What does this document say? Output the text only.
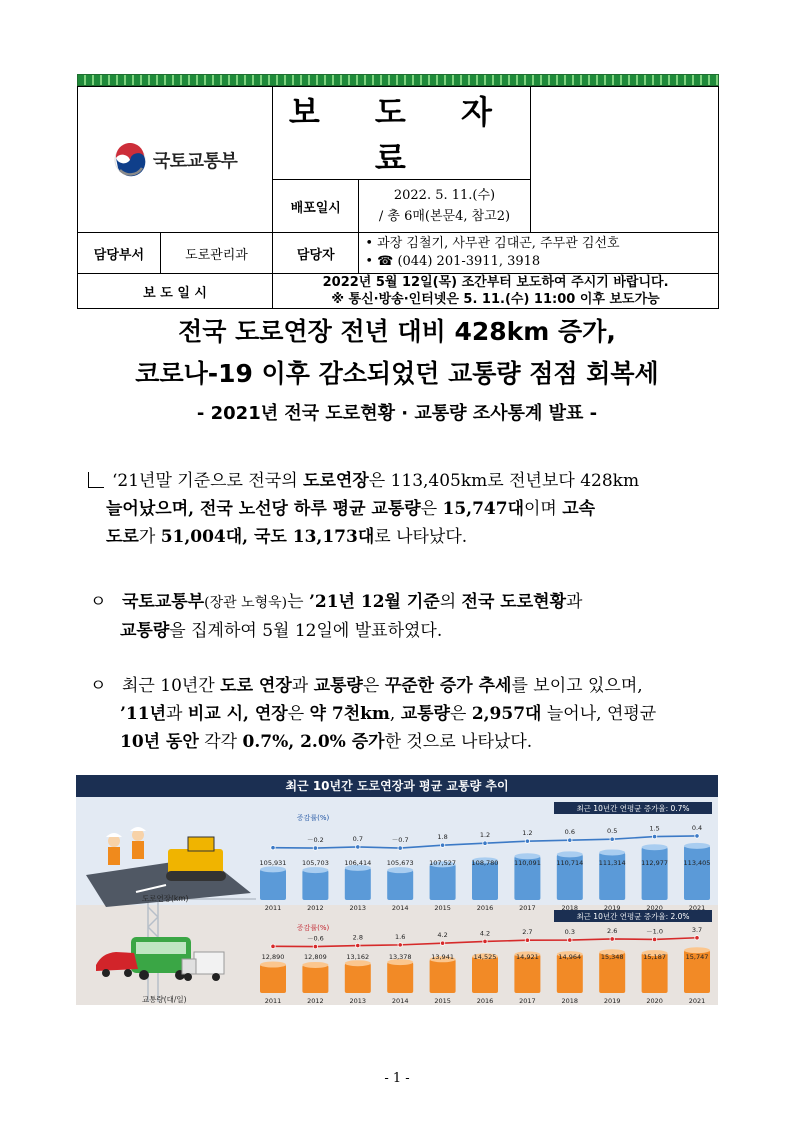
국토교통부		보 도 자 료		
		배포일시	2022. 5. 11.(수)
/ 총 6매(본문4, 참고2)	

담당부서	도로관리과	담당자	• 과장 김철기, 사무관 김대곤, 주무관 김선호
• ☎ (044) 201-3911, 3918	

보 도 일 시		2022년 5월 12일(목) 조간부터 보도하여 주시기 바랍니다.
※ 통신·방송·인터넷은 5. 11.(수) 11:00 이후 보도가능		
전국 도로연장 전년 대비 428km 증가,
코로나-19 이후 감소되었던 교통량 점점 회복세
- 2021년 전국 도로현황 · 교통량 조사통계 발표 -
‘21년말 기준으로 전국의 도로연장은 113,405km로 전년보다 428km
늘어났으며, 전국 노선당 하루 평균 교통량은 15,747대이며 고속
도로가 51,004대, 국도 13,173대로 나타났다.
ㅇ 국토교통부(장관 노형욱)는 ’21년 12월 기준의 전국 도로현황과
교통량을 집계하여 5월 12일에 발표하였다.
ㅇ 최근 10년간 도로 연장과 교통량은 꾸준한 증가 추세를 보이고 있으며,
’11년과 비교 시, 연장은 약 7천km, 교통량은 2,957대 늘어나, 연평균
10년 동안 각각 0.7%, 2.0% 증가한 것으로 나타났다.
최근 10년간 도로연장과 평균 교통량 추이
도로연장(km)
교통량(대/일)
최근 10년간 연평균 증가율: 0.7%
최근 10년간 연평균 증가율: 2.0%
증감률(%)
증감률(%)
105,931
2011
105,703
2012
106,414
2013
105,673
2014
107,527
2015
108,780
2016
110,091
2017
110,714
2018
111,314
2019
112,977
2020
113,405
2021
－0.2	0.7	－0.7	1.8	1.2	1.2	0.6	0.5	1.5	0.4
12,890
2011
12,809
2012
13,162
2013
13,378
2014
13,941
2015
14,525
2016
14,921
2017
14,964
2018
15,348
2019
15,187
2020
15,747
2021
－0.6	2.8	1.6	4.2	4.2	2.7	0.3	2.6	－1.0	3.7
- 1 -
